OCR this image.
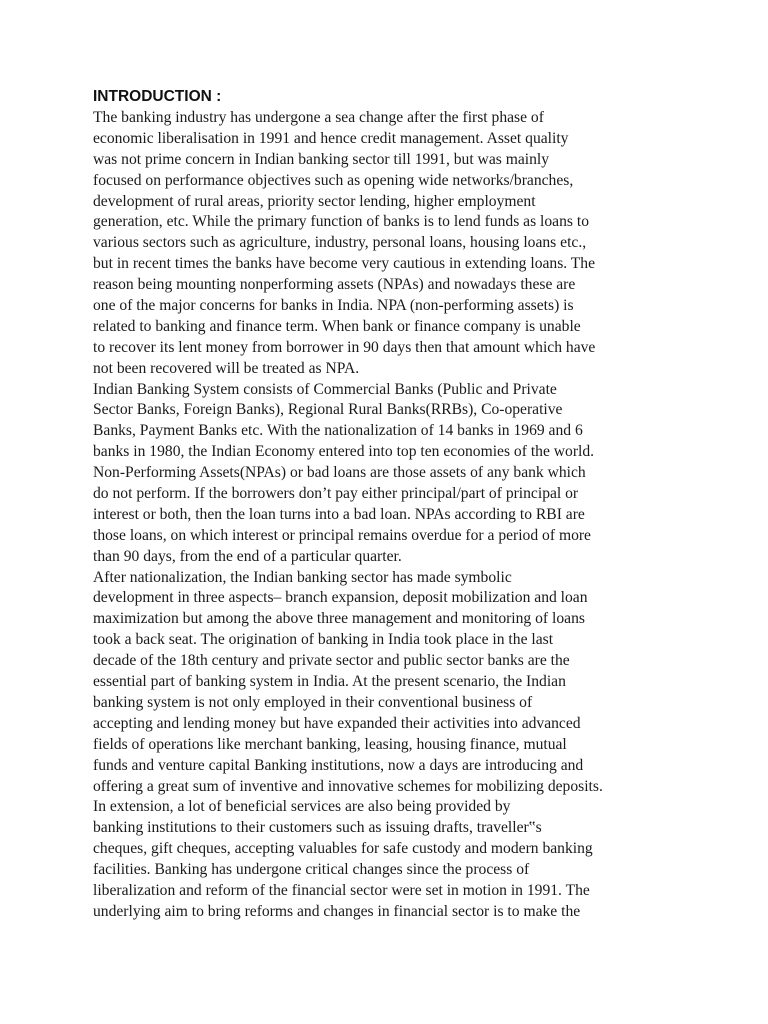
INTRODUCTION :
The banking industry has undergone a sea change after the first phase of
economic liberalisation in 1991 and hence credit management. Asset quality
was not prime concern in Indian banking sector till 1991, but was mainly
focused on performance objectives such as opening wide networks/branches,
development of rural areas, priority sector lending, higher employment
generation, etc. While the primary function of banks is to lend funds as loans to
various sectors such as agriculture, industry, personal loans, housing loans etc.,
but in recent times the banks have become very cautious in extending loans. The
reason being mounting nonperforming assets (NPAs) and nowadays these are
one of the major concerns for banks in India. NPA (non-performing assets) is
related to banking and finance term. When bank or finance company is unable
to recover its lent money from borrower in 90 days then that amount which have
not been recovered will be treated as NPA.
Indian Banking System consists of Commercial Banks (Public and Private
Sector Banks, Foreign Banks), Regional Rural Banks(RRBs), Co-operative
Banks, Payment Banks etc. With the nationalization of 14 banks in 1969 and 6
banks in 1980, the Indian Economy entered into top ten economies of the world.
Non-Performing Assets(NPAs) or bad loans are those assets of any bank which
do not perform. If the borrowers don’t pay either principal/part of principal or
interest or both, then the loan turns into a bad loan. NPAs according to RBI are
those loans, on which interest or principal remains overdue for a period of more
than 90 days, from the end of a particular quarter.
After nationalization, the Indian banking sector has made symbolic
development in three aspects– branch expansion, deposit mobilization and loan
maximization but among the above three management and monitoring of loans
took a back seat. The origination of banking in India took place in the last
decade of the 18th century and private sector and public sector banks are the
essential part of banking system in India. At the present scenario, the Indian
banking system is not only employed in their conventional business of
accepting and lending money but have expanded their activities into advanced
fields of operations like merchant banking, leasing, housing finance, mutual
funds and venture capital Banking institutions, now a days are introducing and
offering a great sum of inventive and innovative schemes for mobilizing deposits.
In extension, a lot of beneficial services are also being provided by
banking institutions to their customers such as issuing drafts, traveller‟s
cheques, gift cheques, accepting valuables for safe custody and modern banking
facilities. Banking has undergone critical changes since the process of
liberalization and reform of the financial sector were set in motion in 1991. The
underlying aim to bring reforms and changes in financial sector is to make the
